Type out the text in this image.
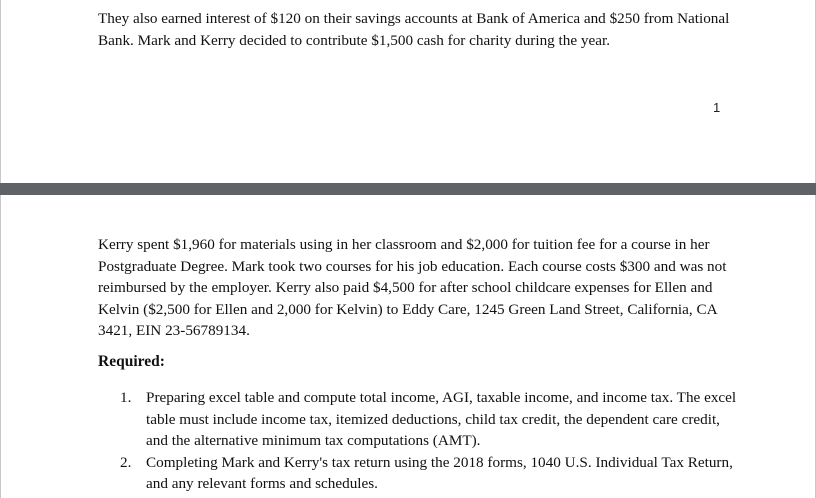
They also earned interest of $120 on their savings accounts at Bank of America and $250 from National Bank. Mark and Kerry decided to contribute $1,500 cash for charity during the year.

1

Kerry spent $1,960 for materials using in her classroom and $2,000 for tuition fee for a course in her Postgraduate Degree. Mark took two courses for his job education. Each course costs $300 and was not reimbursed by the employer. Kerry also paid $4,500 for after school childcare expenses for Ellen and Kelvin ($2,500 for Ellen and 2,000 for Kelvin) to Eddy Care, 1245 Green Land Street, California, CA 3421, EIN 23-56789134.

Required:

1. Preparing excel table and compute total income, AGI, taxable income, and income tax. The excel table must include income tax, itemized deductions, child tax credit, the dependent care credit, and the alternative minimum tax computations (AMT).
2. Completing Mark and Kerry's tax return using the 2018 forms, 1040 U.S. Individual Tax Return, and any relevant forms and schedules.
